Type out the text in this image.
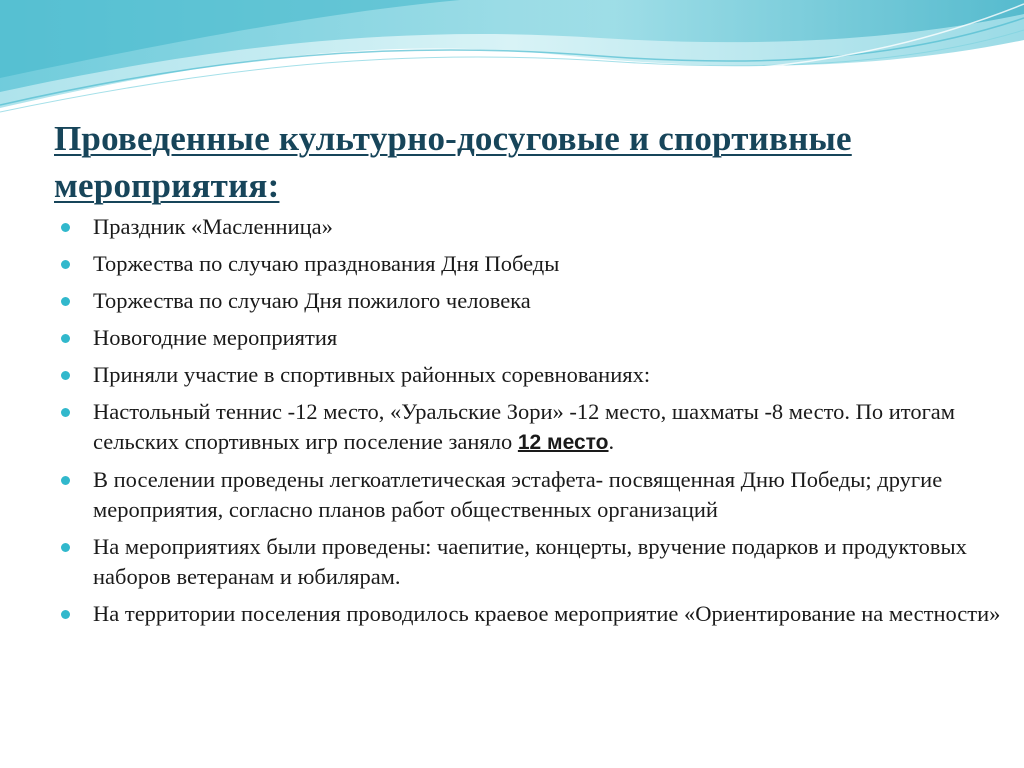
Проведенные культурно-досуговые и спортивные мероприятия:
Праздник «Масленница»
Торжества по случаю празднования Дня Победы
Торжества по случаю Дня пожилого человека
Новогодние мероприятия
Приняли участие в спортивных районных соревнованиях:
Настольный теннис -12 место, «Уральские Зори» -12 место, шахматы -8 место. По итогам сельских спортивных игр поселение заняло 12 место.
В поселении проведены легкоатлетическая эстафета- посвященная Дню Победы; другие мероприятия, согласно планов работ общественных организаций
На мероприятиях были проведены: чаепитие, концерты, вручение подарков и продуктовых наборов ветеранам и юбилярам.
На территории поселения проводилось краевое мероприятие «Ориентирование на местности»
